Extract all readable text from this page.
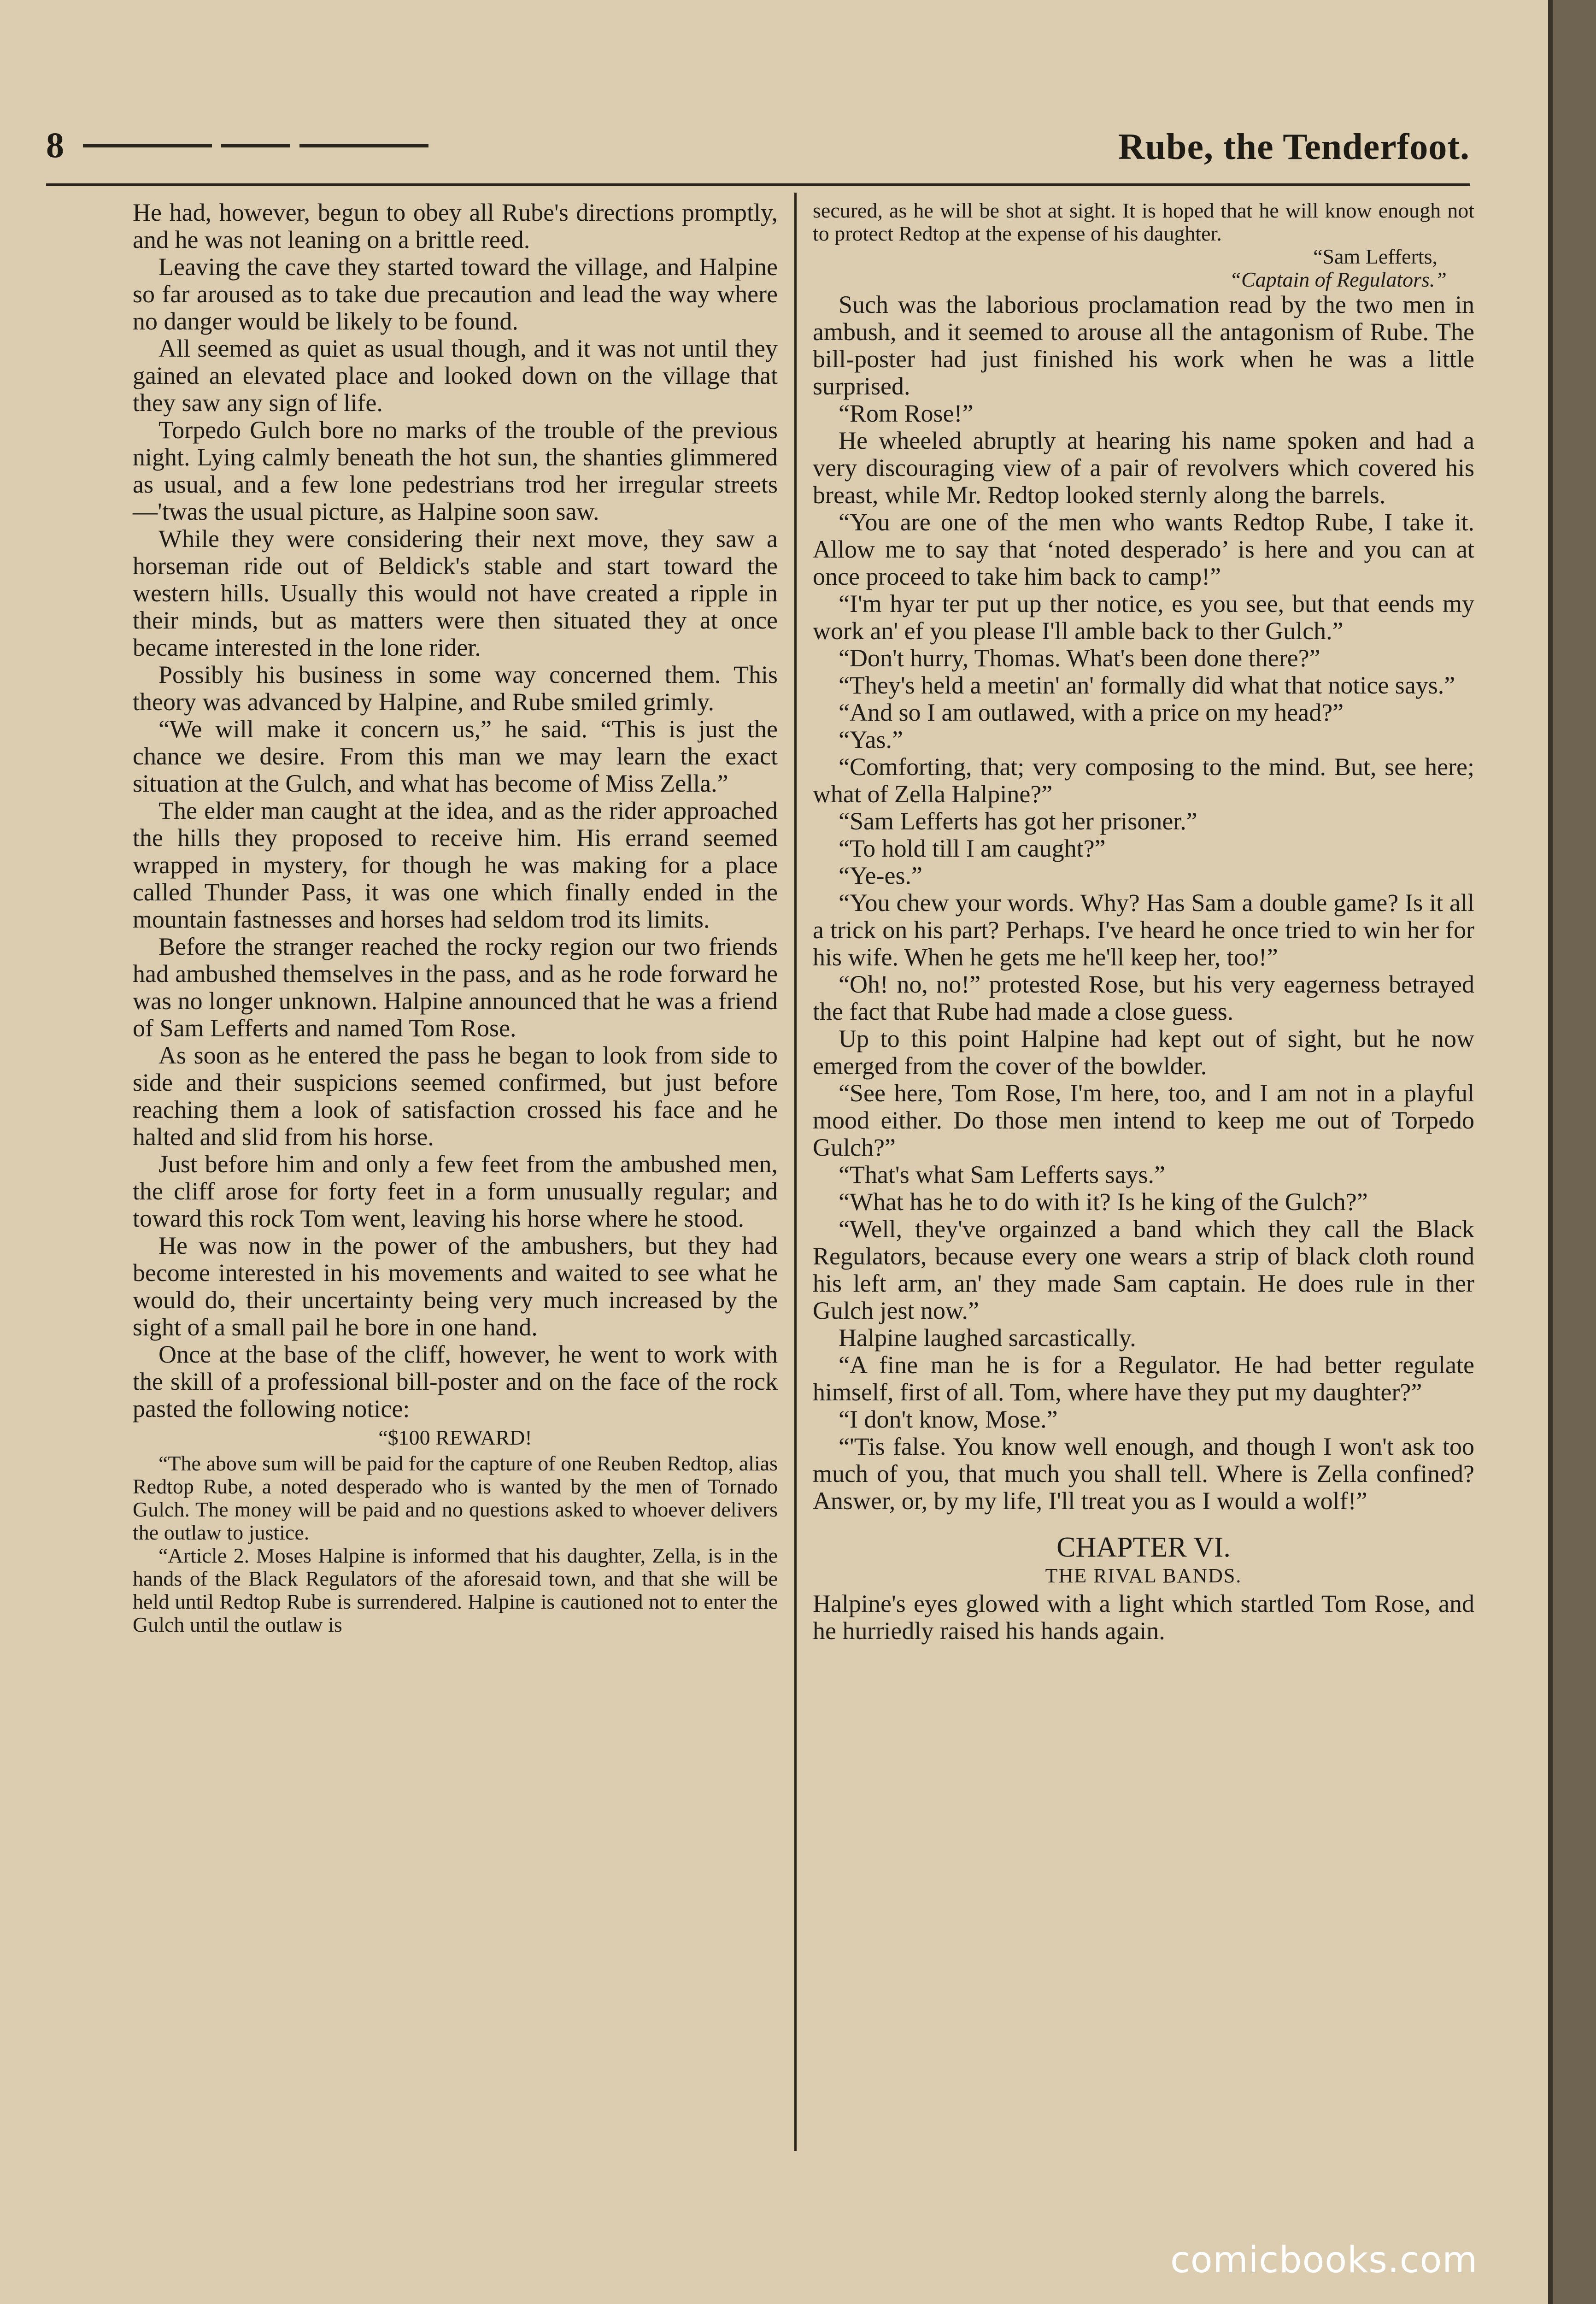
8	Rube, the Tenderfoot.

He had, however, begun to obey all Rube's directions promptly, and he was not leaning on a brittle reed.

Leaving the cave they started toward the village, and Halpine so far aroused as to take due precaution and lead the way where no danger would be likely to be found.

All seemed as quiet as usual though, and it was not until they gained an elevated place and looked down on the village that they saw any sign of life.

Torpedo Gulch bore no marks of the trouble of the previous night. Lying calmly beneath the hot sun, the shanties glimmered as usual, and a few lone pedestrians trod her irregular streets—'twas the usual picture, as Halpine soon saw.

While they were considering their next move, they saw a horseman ride out of Beldick's stable and start toward the western hills. Usually this would not have created a ripple in their minds, but as matters were then situated they at once became interested in the lone rider.

Possibly his business in some way concerned them. This theory was advanced by Halpine, and Rube smiled grimly.

“We will make it concern us,” he said. “This is just the chance we desire. From this man we may learn the exact situation at the Gulch, and what has become of Miss Zella.”

The elder man caught at the idea, and as the rider approached the hills they proposed to receive him. His errand seemed wrapped in mystery, for though he was making for a place called Thunder Pass, it was one which finally ended in the mountain fastnesses and horses had seldom trod its limits.

Before the stranger reached the rocky region our two friends had ambushed themselves in the pass, and as he rode forward he was no longer unknown. Halpine announced that he was a friend of Sam Lefferts and named Tom Rose.

As soon as he entered the pass he began to look from side to side and their suspicions seemed confirmed, but just before reaching them a look of satisfaction crossed his face and he halted and slid from his horse.

Just before him and only a few feet from the ambushed men, the cliff arose for forty feet in a form unusually regular; and toward this rock Tom went, leaving his horse where he stood.

He was now in the power of the ambushers, but they had become interested in his movements and waited to see what he would do, their uncertainty being very much increased by the sight of a small pail he bore in one hand.

Once at the base of the cliff, however, he went to work with the skill of a professional bill-poster and on the face of the rock pasted the following notice:

“$100 REWARD!

“The above sum will be paid for the capture of one Reuben Redtop, alias Redtop Rube, a noted desperado who is wanted by the men of Tornado Gulch. The money will be paid and no questions asked to whoever delivers the outlaw to justice.

“Article 2. Moses Halpine is informed that his daughter, Zella, is in the hands of the Black Regulators of the aforesaid town, and that she will be held until Redtop Rube is surrendered. Halpine is cautioned not to enter the Gulch until the outlaw is

secured, as he will be shot at sight. It is hoped that he will know enough not to protect Redtop at the expense of his daughter.

“Sam Lefferts,

“Captain of Regulators.”

Such was the laborious proclamation read by the two men in ambush, and it seemed to arouse all the antagonism of Rube. The bill-poster had just finished his work when he was a little surprised.

“Rom Rose!”

He wheeled abruptly at hearing his name spoken and had a very discouraging view of a pair of revolvers which covered his breast, while Mr. Redtop looked sternly along the barrels.

“You are one of the men who wants Redtop Rube, I take it. Allow me to say that ‘noted desperado’ is here and you can at once proceed to take him back to camp!”

“I'm hyar ter put up ther notice, es you see, but that eends my work an' ef you please I'll amble back to ther Gulch.”

“Don't hurry, Thomas. What's been done there?”

“They's held a meetin' an' formally did what that notice says.”

“And so I am outlawed, with a price on my head?”

“Yas.”

“Comforting, that; very composing to the mind. But, see here; what of Zella Halpine?”

“Sam Lefferts has got her prisoner.”

“To hold till I am caught?”

“Ye-es.”

“You chew your words. Why? Has Sam a double game? Is it all a trick on his part? Perhaps. I've heard he once tried to win her for his wife. When he gets me he'll keep her, too!”

“Oh! no, no!” protested Rose, but his very eagerness betrayed the fact that Rube had made a close guess.

Up to this point Halpine had kept out of sight, but he now emerged from the cover of the bowlder.

“See here, Tom Rose, I'm here, too, and I am not in a playful mood either. Do those men intend to keep me out of Torpedo Gulch?”

“That's what Sam Lefferts says.”

“What has he to do with it? Is he king of the Gulch?”

“Well, they've orgainzed a band which they call the Black Regulators, because every one wears a strip of black cloth round his left arm, an' they made Sam captain. He does rule in ther Gulch jest now.”

Halpine laughed sarcastically.

“A fine man he is for a Regulator. He had better regulate himself, first of all. Tom, where have they put my daughter?”

“I don't know, Mose.”

“'Tis false. You know well enough, and though I won't ask too much of you, that much you shall tell. Where is Zella confined? Answer, or, by my life, I'll treat you as I would a wolf!”

CHAPTER VI.

THE RIVAL BANDS.

Halpine's eyes glowed with a light which startled Tom Rose, and he hurriedly raised his hands again.

comicbooks.com
